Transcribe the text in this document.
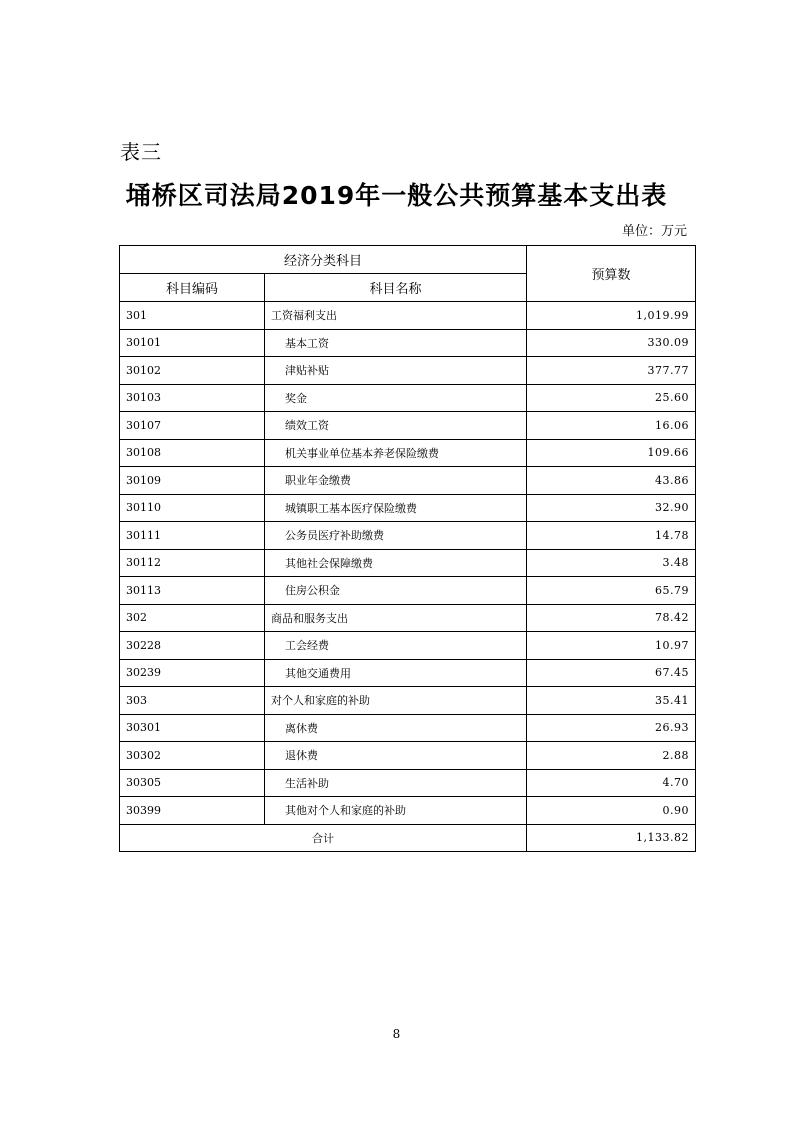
表三
埇桥区司法局2019年一般公共预算基本支出表
单位：万元
经济分类科目		预算数
科目编码	科目名称	
301	工资福利支出	1,019.99
30101	基本工资	330.09
30102	津贴补贴	377.77
30103	奖金	25.60
30107	绩效工资	16.06
30108	机关事业单位基本养老保险缴费	109.66
30109	职业年金缴费	43.86
30110	城镇职工基本医疗保险缴费	32.90
30111	公务员医疗补助缴费	14.78
30112	其他社会保障缴费	3.48
30113	住房公积金	65.79
302	商品和服务支出	78.42
30228	工会经费	10.97
30239	其他交通费用	67.45
303	对个人和家庭的补助	35.41
30301	离休费	26.93
30302	退休费	2.88
30305	生活补助	4.70
30399	其他对个人和家庭的补助	0.90
合计		1,133.82
8
